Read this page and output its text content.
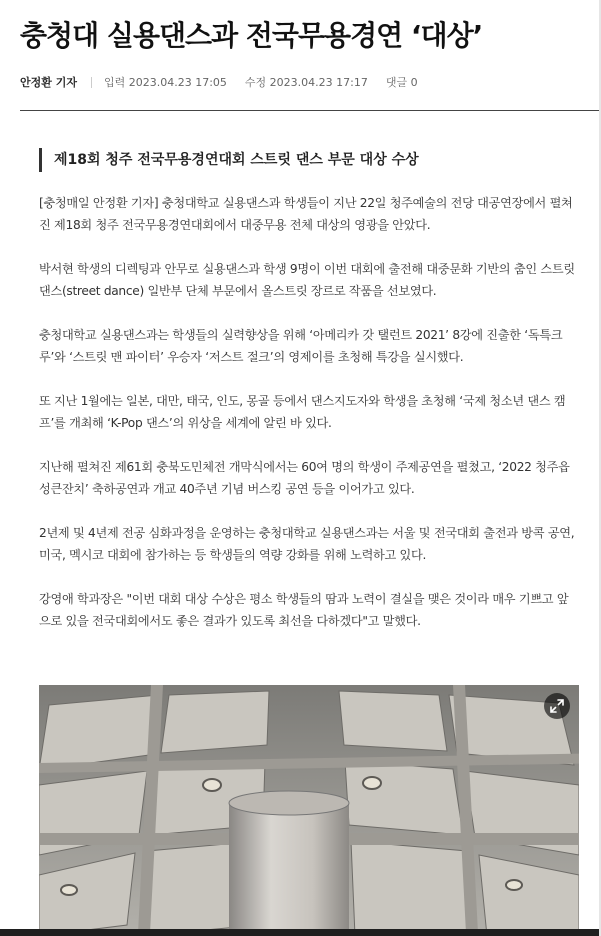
충청대 실용댄스과 전국무용경연 ‘대상’
안정환 기자 입력 2023.04.23 17:05 수정 2023.04.23 17:17 댓글 0
제18회 청주 전국무용경연대회 스트릿 댄스 부문 대상 수상

[충청매일 안정환 기자] 충청대학교 실용댄스과 학생들이 지난 22일 청주예술의 전당 대공연장에서 펼쳐진 제18회 청주 전국무용경연대회에서 대중무용 전체 대상의 영광을 안았다.

박서현 학생의 디렉팅과 안무로 실용댄스과 학생 9명이 이번 대회에 출전해 대중문화 기반의 춤인 스트릿댄스(street dance) 일반부 단체 부문에서 올스트릿 장르로 작품을 선보였다.

충청대학교 실용댄스과는 학생들의 실력향상을 위해 ‘아메리카 갓 탤런트 2021’ 8강에 진출한 ‘독특크루’와 ‘스트릿 맨 파이터’ 우승자 ‘저스트 절크’의 영제이를 초청해 특강을 실시했다.

또 지난 1월에는 일본, 대만, 태국, 인도, 몽골 등에서 댄스지도자와 학생을 초청해 ‘국제 청소년 댄스 캠프’를 개최해 ‘K-Pop 댄스’의 위상을 세계에 알린 바 있다.

지난해 펼쳐진 제61회 충북도민체전 개막식에서는 60여 명의 학생이 주제공연을 펼쳤고, ‘2022 청주읍성큰잔치’ 축하공연과 개교 40주년 기념 버스킹 공연 등을 이어가고 있다.

2년제 및 4년제 전공 심화과정을 운영하는 충청대학교 실용댄스과는 서울 및 전국대회 출전과 방콕 공연, 미국, 멕시코 대회에 참가하는 등 학생들의 역량 강화를 위해 노력하고 있다.

강영애 학과장은 "이번 대회 대상 수상은 평소 학생들의 땀과 노력이 결실을 맺은 것이라 매우 기쁘고 앞으로 있을 전국대회에서도 좋은 결과가 있도록 최선을 다하겠다"고 말했다.
